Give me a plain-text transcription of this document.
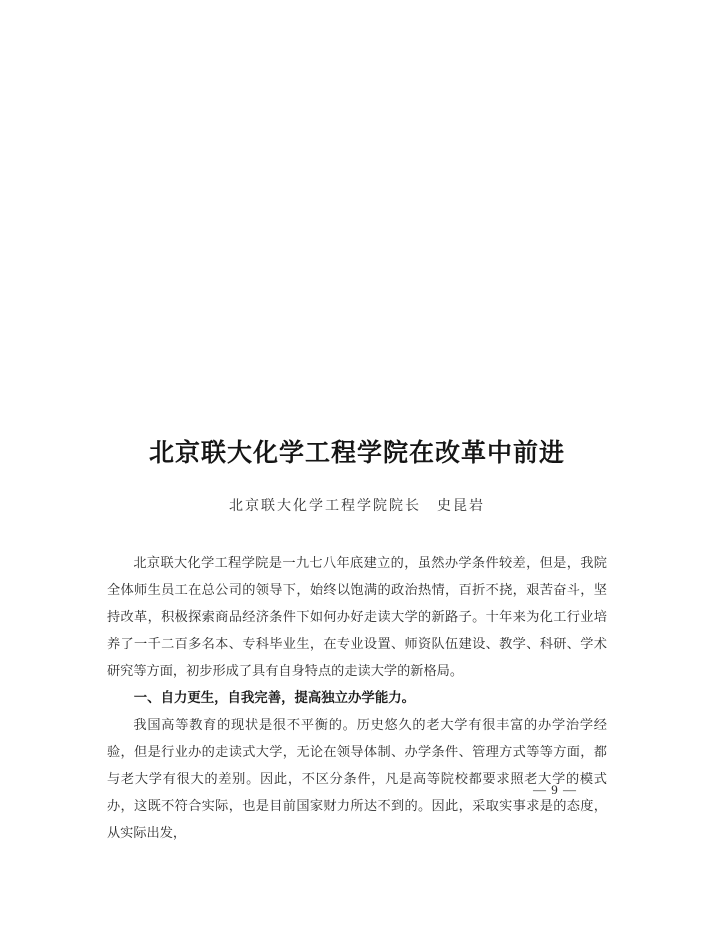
北京联大化学工程学院在改革中前进
北京联大化学工程学院院长　史昆岩

北京联大化学工程学院是一九七八年底建立的，虽然办学条件较差，但是，我院全体师生员工在总公司的领导下，始终以饱满的政治热情，百折不挠，艰苦奋斗，坚持改革，积极探索商品经济条件下如何办好走读大学的新路子。十年来为化工行业培养了一千二百多名本、专科毕业生，在专业设置、师资队伍建设、教学、科研、学术研究等方面，初步形成了具有自身特点的走读大学的新格局。

一、自力更生，自我完善，提高独立办学能力。

我国高等教育的现状是很不平衡的。历史悠久的老大学有很丰富的办学治学经验，但是行业办的走读式大学，无论在领导体制、办学条件、管理方式等等方面，都与老大学有很大的差别。因此，不区分条件，凡是高等院校都要求照老大学的模式办，这既不符合实际，也是目前国家财力所达不到的。因此，采取实事求是的态度，从实际出发，

— 9 —
